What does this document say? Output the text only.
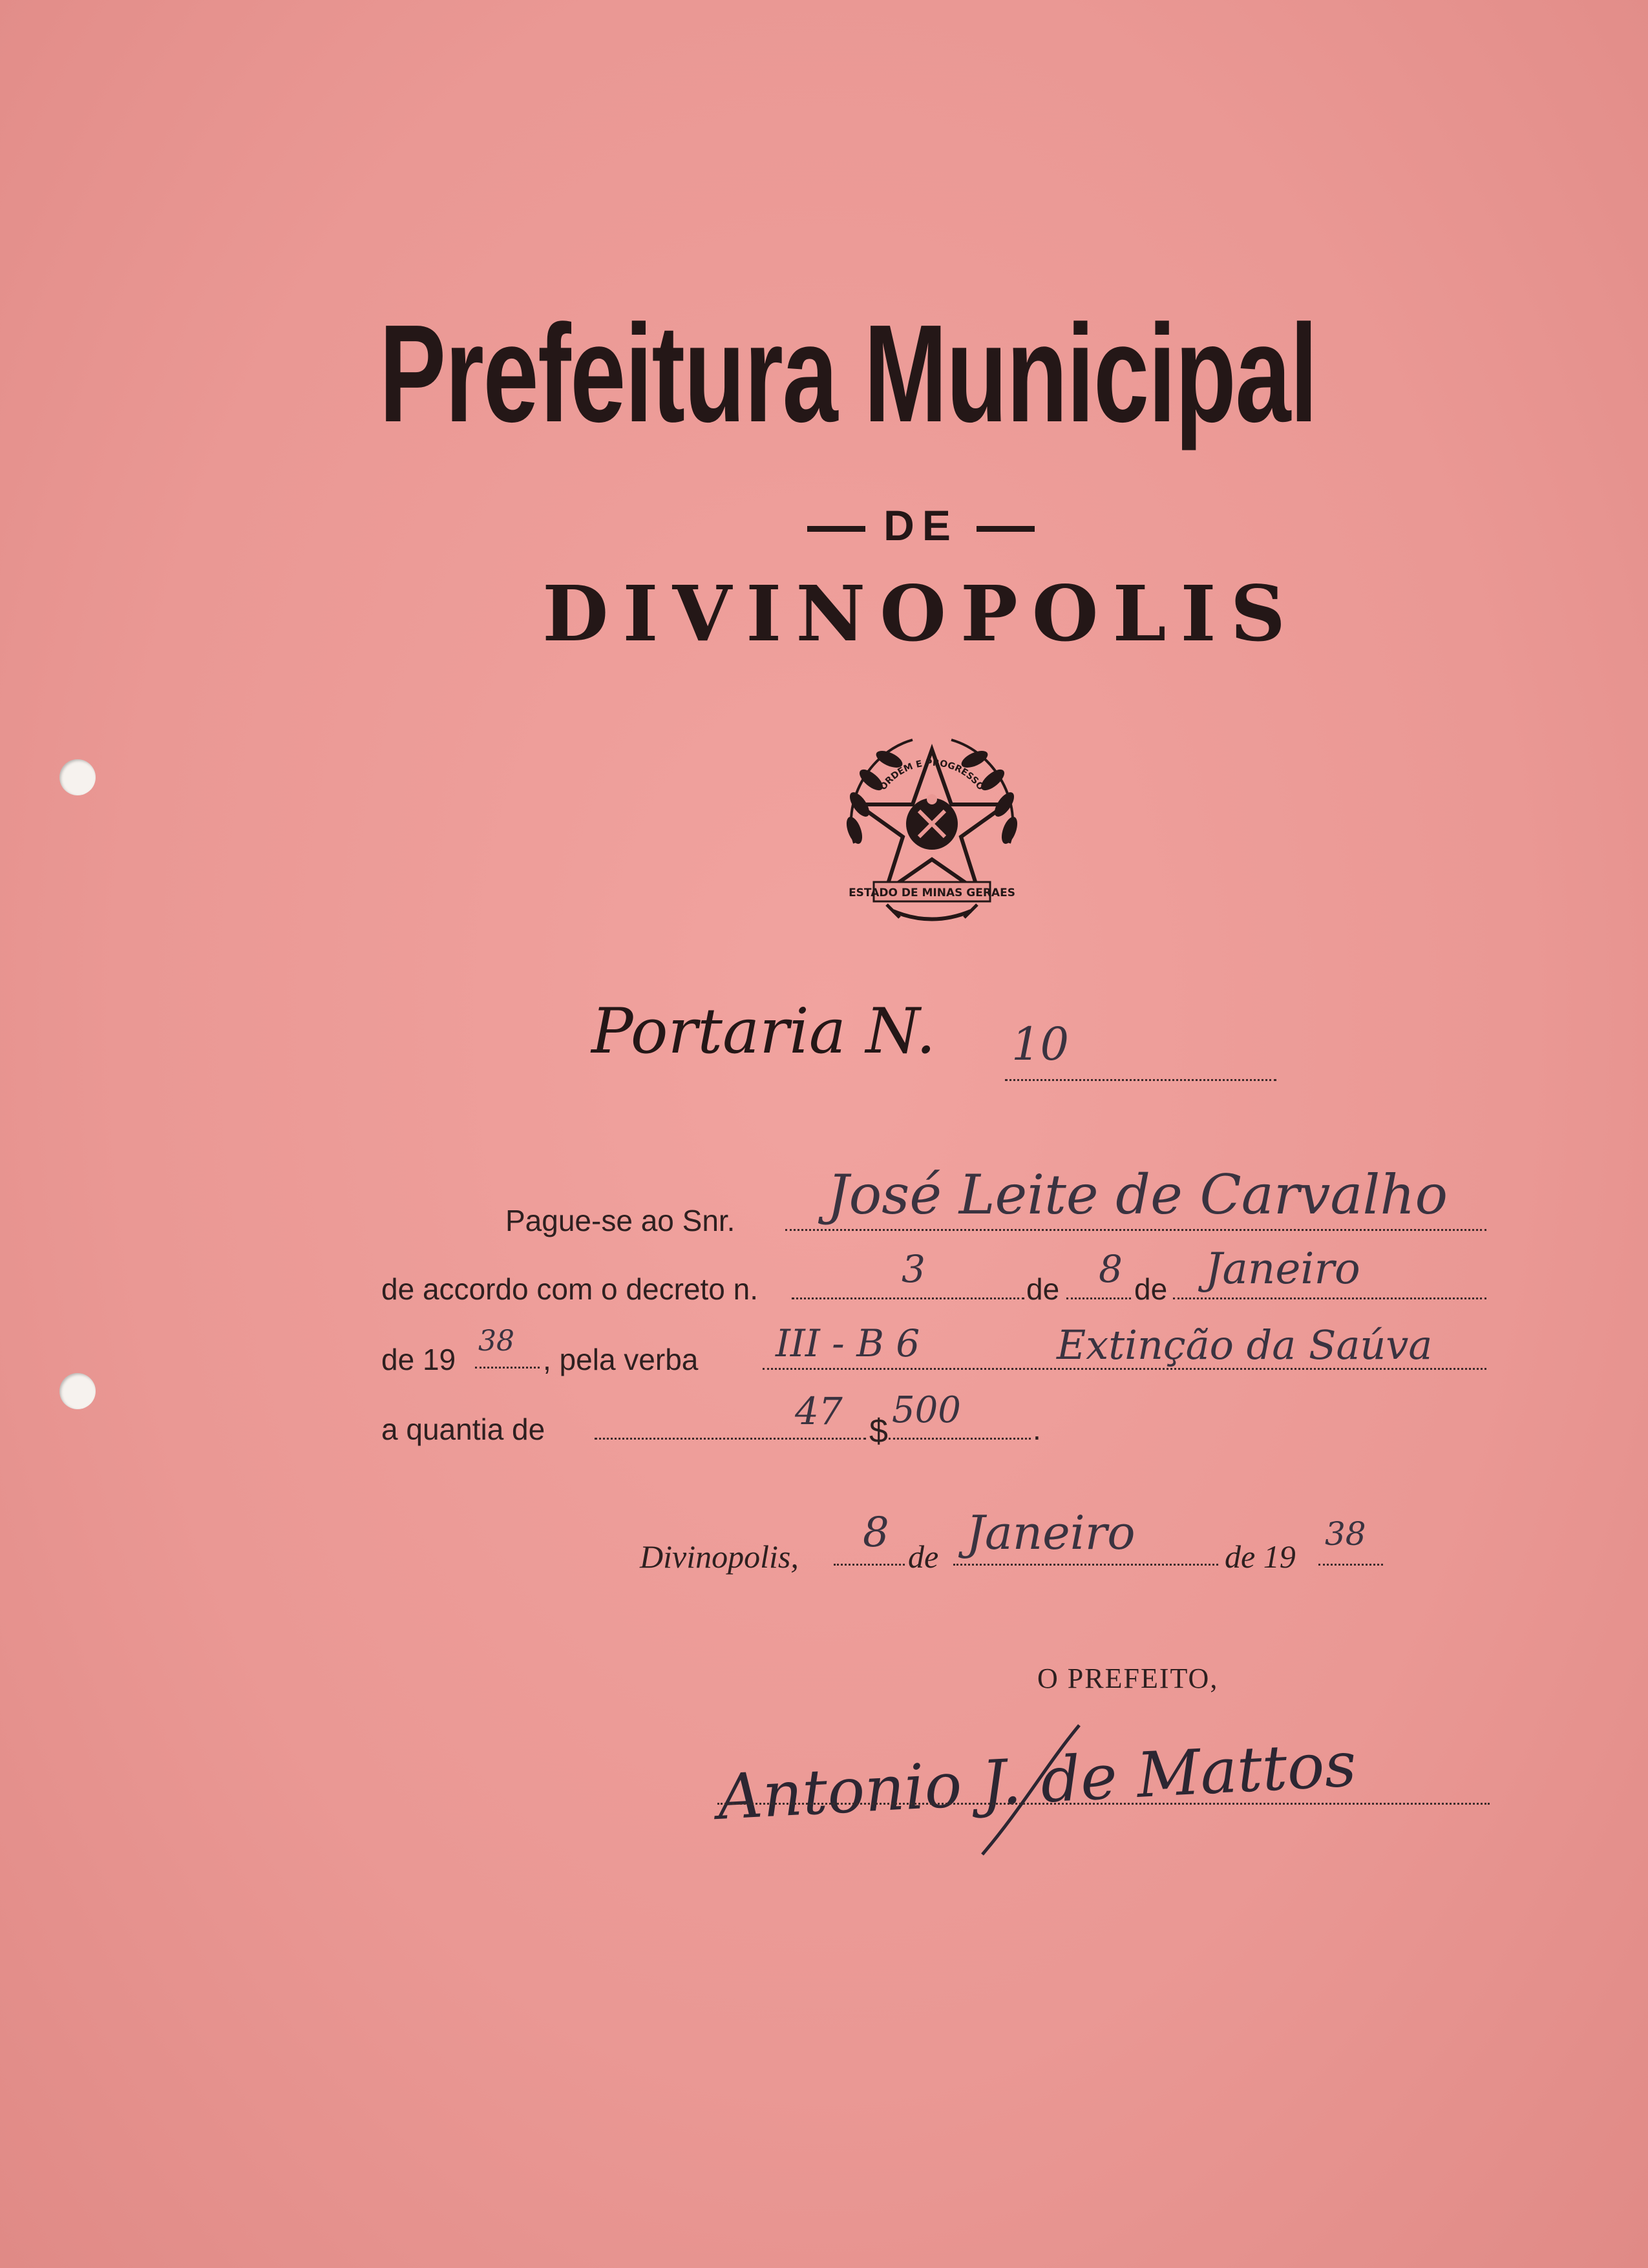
Prefeitura Municipal
DE
DIVINOPOLIS
ORDEM E PROGRESSO
ESTADO DE MINAS GERAES
Portaria N. 10
Pague-se ao Snr. José Leite de Carvalho
de accordo com o decreto n.	3	de 8 de Janeiro
de 19
38
, pela verba III - B 6	Extinção da Saúva
a quantia de	47 $ 500 .
Divinopolis, 8 de Janeiro	de 19
38
O PREFEITO,
Antonio J. de Mattos
